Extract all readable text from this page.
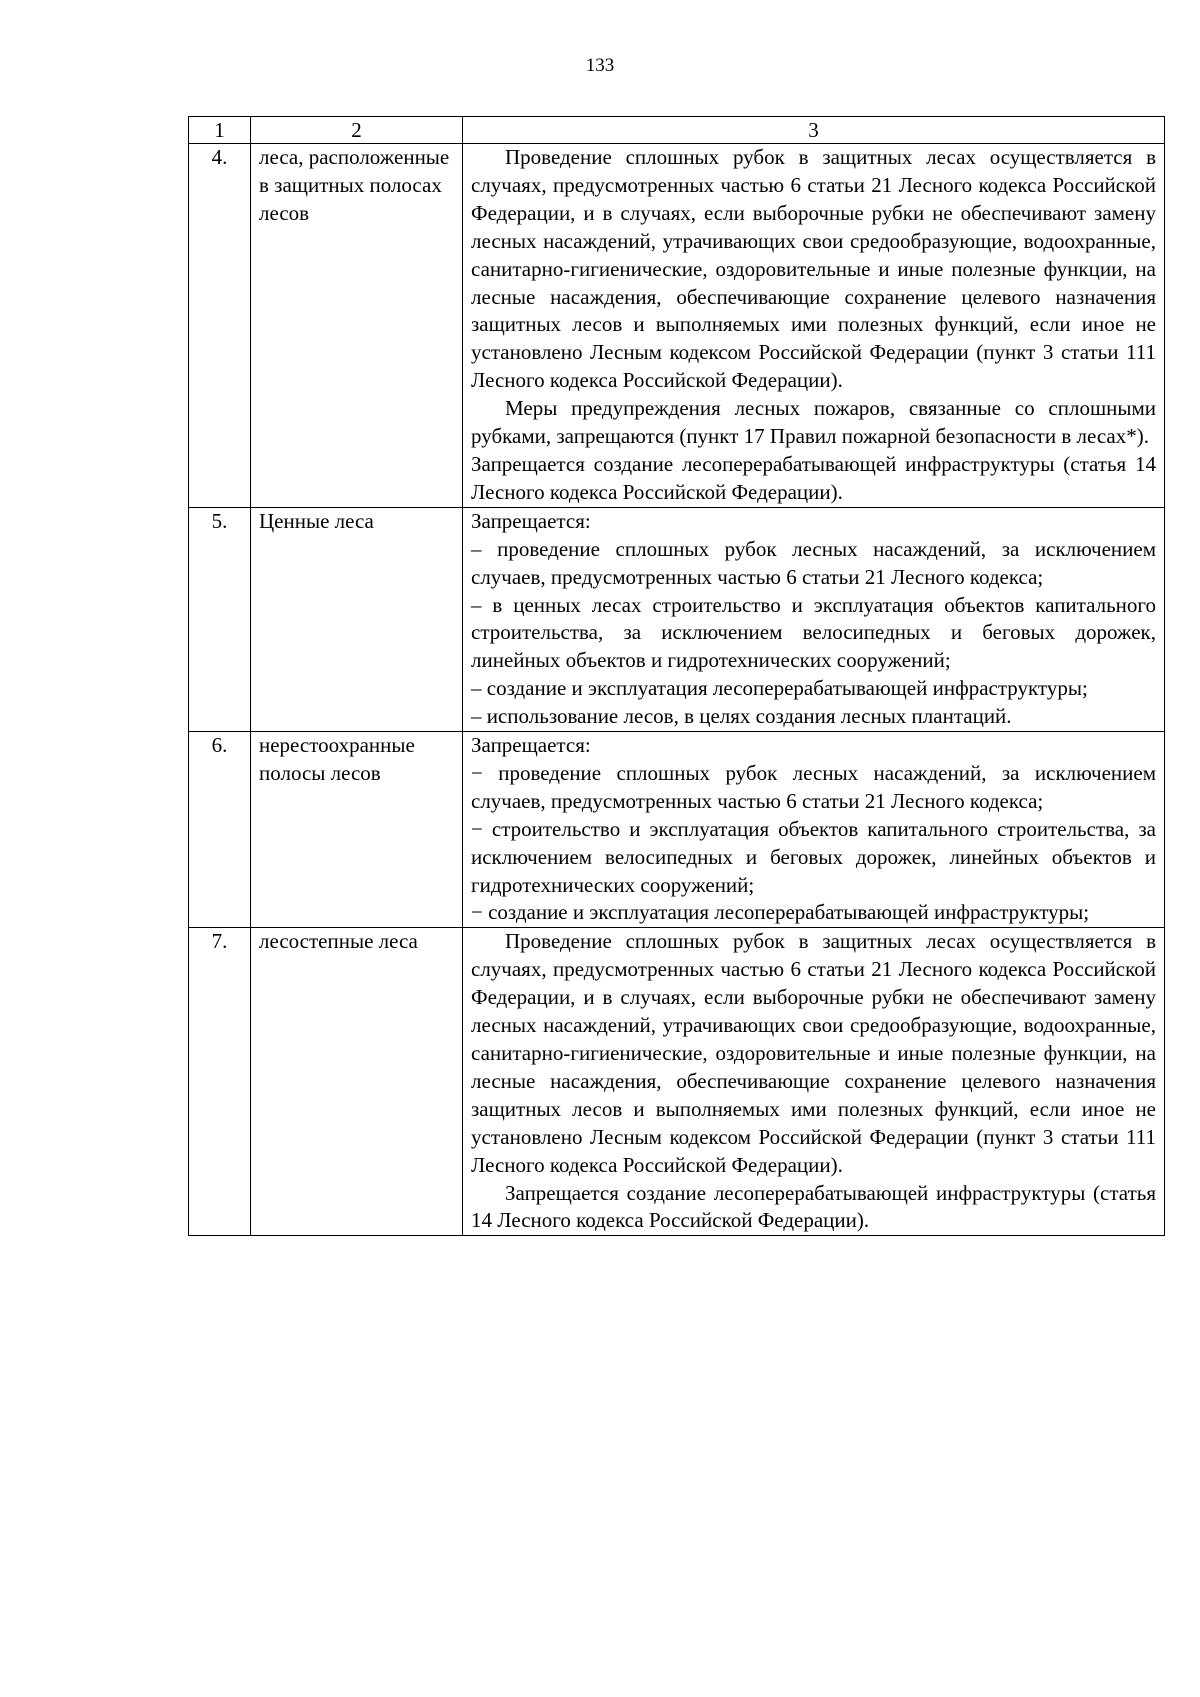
133
1	2	3
4.	леса, расположенные в защитных полосах лесов	Проведение сплошных рубок в защитных лесах осуществляется в случаях, предусмотренных частью 6 статьи 21 Лесного кодекса Российской Федерации, и в случаях, если выборочные рубки не обеспечивают замену лесных насаждений, утрачивающих свои средообразующие, водоохранные, санитарно-гигиенические, оздоровительные и иные полезные функции, на лесные насаждения, обеспечивающие сохранение целевого назначения защитных лесов и выполняемых ими полезных функций, если иное не установлено Лесным кодексом Российской Федерации (пункт 3 статьи 111 Лесного кодекса Российской Федерации).

Меры предупреждения лесных пожаров, связанные со сплошными рубками, запрещаются (пункт 17 Правил пожарной безопасности в лесах*).

Запрещается создание лесоперерабатывающей инфраструктуры (статья 14 Лесного кодекса Российской Федерации).

5.	Ценные леса	Запрещается:

– проведение сплошных рубок лесных насаждений, за исключением случаев, предусмотренных частью 6 статьи 21 Лесного кодекса;

– в ценных лесах строительство и эксплуатация объектов капитального строительства, за исключением велосипедных и беговых дорожек, линейных объектов и гидротехнических сооружений;

– создание и эксплуатация лесоперерабатывающей инфраструктуры;

– использование лесов, в целях создания лесных плантаций.

6.	нерестоохранные полосы лесов	Запрещается:

− проведение сплошных рубок лесных насаждений, за исключением случаев, предусмотренных частью 6 статьи 21 Лесного кодекса;

− строительство и эксплуатация объектов капитального строительства, за исключением велосипедных и беговых дорожек, линейных объектов и гидротехнических сооружений;

− создание и эксплуатация лесоперерабатывающей инфраструктуры;

7.	лесостепные леса	Проведение сплошных рубок в защитных лесах осуществляется в случаях, предусмотренных частью 6 статьи 21 Лесного кодекса Российской Федерации, и в случаях, если выборочные рубки не обеспечивают замену лесных насаждений, утрачивающих свои средообразующие, водоохранные, санитарно-гигиенические, оздоровительные и иные полезные функции, на лесные насаждения, обеспечивающие сохранение целевого назначения защитных лесов и выполняемых ими полезных функций, если иное не установлено Лесным кодексом Российской Федерации (пункт 3 статьи 111 Лесного кодекса Российской Федерации).

Запрещается создание лесоперерабатывающей инфраструктуры (статья 14 Лесного кодекса Российской Федерации).
